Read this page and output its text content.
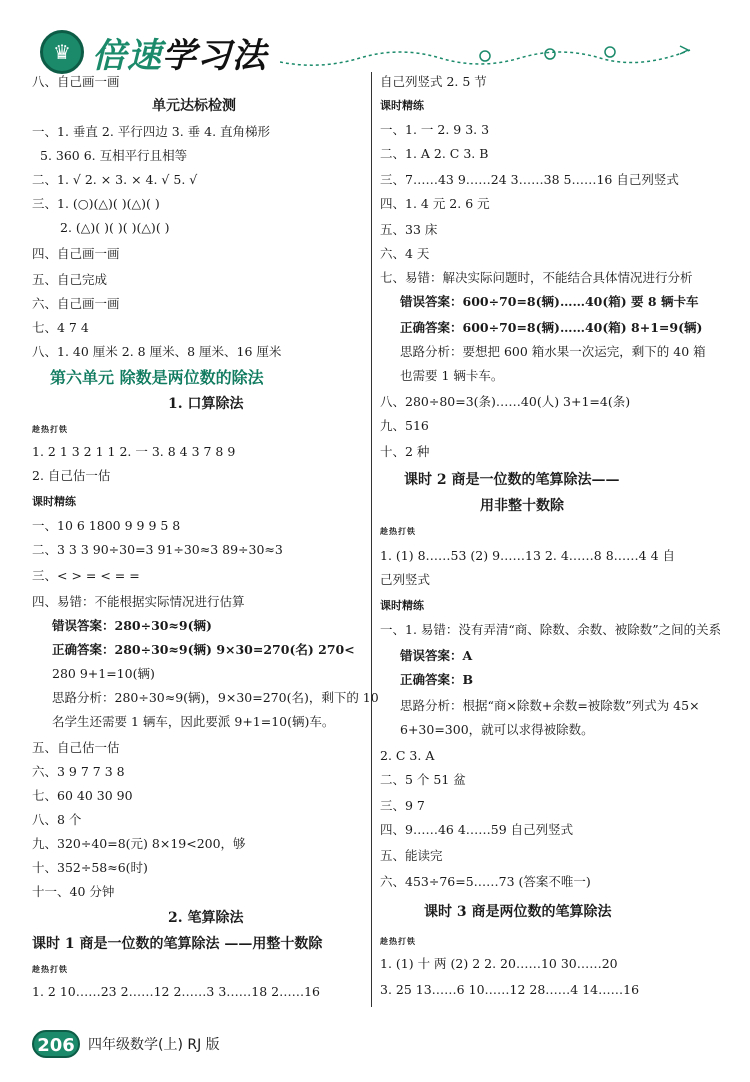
♛ 倍速学习法
八、自己画一画
单元达标检测
一、1. 垂直 2. 平行四边 3. 垂 4. 直角梯形
5. 360 6. 互相平行且相等
二、1. √ 2. × 3. × 4. √ 5. √
三、1. (○)(△)( )(△)( )
2. (△)( )( )( )(△)( )
四、自己画一画
五、自己完成
六、自己画一画
七、4 7 4
八、1. 40 厘米 2. 8 厘米、8 厘米、16 厘米
第六单元 除数是两位数的除法
1. 口算除法
趁热打铁
1. 2 1 3 2 1 1 2. 一 3. 8 4 3 7 8 9
2. 自己估一估
课时精练
一、10 6 1800 9 9 9 5 8
二、3 3 3 90÷30=3 91÷30≈3 89÷30≈3
三、< > = < = =
四、易错：不能根据实际情况进行估算
错误答案：280÷30≈9(辆)
正确答案：280÷30≈9(辆) 9×30=270(名) 270<
280 9+1=10(辆)
思路分析：280÷30≈9(辆)，9×30=270(名)，剩下的 10
名学生还需要 1 辆车，因此要派 9+1=10(辆)车。
五、自己估一估
六、3 9 7 7 3 8
七、60 40 30 90
八、8 个
九、320÷40=8(元) 8×19<200，够
十、352÷58≈6(时)
十一、40 分钟
2. 笔算除法
课时 1 商是一位数的笔算除法 ——用整十数除
趁热打铁
1. 2 10……23 2……12 2……3 3……18 2……16
自己列竖式 2. 5 节
课时精练
一、1. 一 2. 9 3. 3
二、1. A 2. C 3. B
三、7……43 9……24 3……38 5……16 自己列竖式
四、1. 4 元 2. 6 元
五、33 床
六、4 天
七、易错：解决实际问题时，不能结合具体情况进行分析
错误答案：600÷70=8(辆)……40(箱) 要 8 辆卡车
正确答案：600÷70=8(辆)……40(箱) 8+1=9(辆)
思路分析：要想把 600 箱水果一次运完，剩下的 40 箱
也需要 1 辆卡车。
八、280÷80=3(条)……40(人) 3+1=4(条)
九、516
十、2 种
课时 2 商是一位数的笔算除法——
用非整十数除
趁热打铁
1. (1) 8……53 (2) 9……13 2. 4……8 8……4 4 自
己列竖式
课时精练
一、1. 易错：没有弄清“商、除数、余数、被除数”之间的关系
错误答案：A
正确答案：B
思路分析：根据“商×除数+余数=被除数”列式为 45×
6+30=300，就可以求得被除数。
2. C 3. A
二、5 个 51 盆
三、9 7
四、9……46 4……59 自己列竖式
五、能读完
六、453÷76=5……73 (答案不唯一)
课时 3 商是两位数的笔算除法
趁热打铁
1. (1) 十 两 (2) 2 2. 20……10 30……20
3. 25 13……6 10……12 28……4 14……16
206 四年级数学(上) RJ 版
